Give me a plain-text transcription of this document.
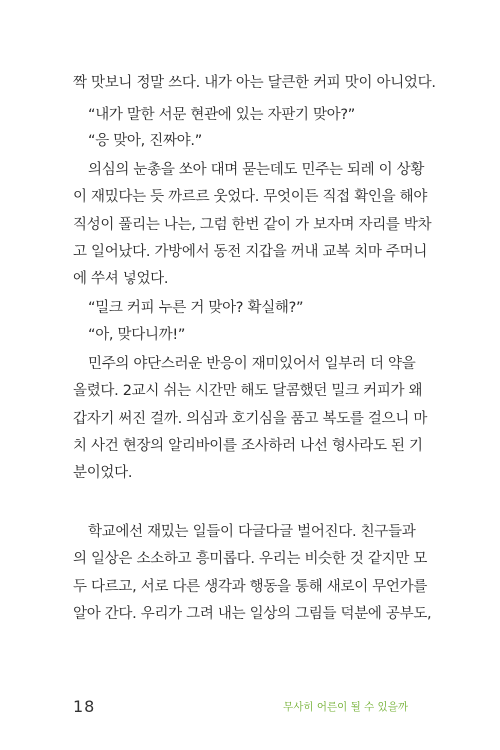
짝 맛보니 정말 쓰다. 내가 아는 달큰한 커피 맛이 아니었다.
“내가 말한 서문 현관에 있는 자판기 맞아?”
“응 맞아, 진짜야.”
의심의 눈총을 쏘아 대며 묻는데도 민주는 되레 이 상황
이 재밌다는 듯 까르르 웃었다. 무엇이든 직접 확인을 해야
직성이 풀리는 나는, 그럼 한번 같이 가 보자며 자리를 박차
고 일어났다. 가방에서 동전 지갑을 꺼내 교복 치마 주머니
에 쑤셔 넣었다.
“밀크 커피 누른 거 맞아? 확실해?”
“아, 맞다니까!”
민주의 야단스러운 반응이 재미있어서 일부러 더 약을
올렸다. 2교시 쉬는 시간만 해도 달콤했던 밀크 커피가 왜
갑자기 써진 걸까. 의심과 호기심을 품고 복도를 걸으니 마
치 사건 현장의 알리바이를 조사하러 나선 형사라도 된 기
분이었다.
학교에선 재밌는 일들이 다글다글 벌어진다. 친구들과
의 일상은 소소하고 흥미롭다. 우리는 비슷한 것 같지만 모
두 다르고, 서로 다른 생각과 행동을 통해 새로이 무언가를
알아 간다. 우리가 그려 내는 일상의 그림들 덕분에 공부도,
18	무사히 어른이 될 수 있을까
